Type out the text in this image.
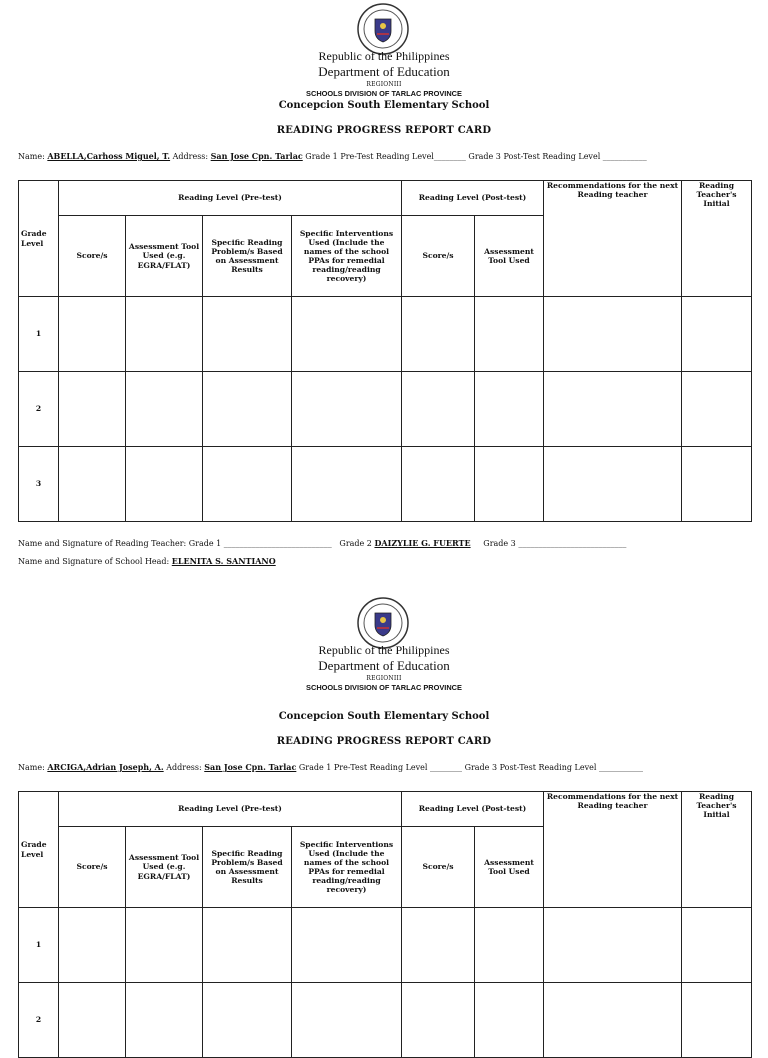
Republic of the Philippines
Department of Education
REGIONIII
SCHOOLS DIVISION OF TARLAC PROVINCE
Concepcion South Elementary School
READING PROGRESS REPORT CARD
Name: ABELLA,Carhoss Miguel, T. Address: San Jose Cpn. Tarlac Grade 1 Pre-Test Reading Level________ Grade 3 Post-Test Reading Level ___________
Grade Level	Reading Level (Pre-test)				Reading Level (Post-test)		Recommendations for the next Reading teacher	Reading Teacher's Initial
	Score/s	Assessment Tool Used (e.g. EGRA/FLAT)	Specific Reading Problem/s Based on Assessment Results	Specific Interventions Used (Include the names of the school PPAs for remedial reading/reading recovery)	Score/s	Assessment Tool Used		
1								
2								
3								
Name and Signature of Reading Teacher: Grade 1 ___________________________ Grade 2 DAIZYLIE G. FUERTE Grade 3 ___________________________
Name and Signature of School Head: ELENITA S. SANTIANO
Republic of the Philippines
Department of Education
REGIONIII
SCHOOLS DIVISION OF TARLAC PROVINCE
Concepcion South Elementary School
READING PROGRESS REPORT CARD
Name: ARCIGA,Adrian Joseph, A. Address: San Jose Cpn. Tarlac Grade 1 Pre-Test Reading Level ________ Grade 3 Post-Test Reading Level ___________
Grade Level	Reading Level (Pre-test)				Reading Level (Post-test)		Recommendations for the next Reading teacher	Reading Teacher's Initial
	Score/s	Assessment Tool Used (e.g. EGRA/FLAT)	Specific Reading Problem/s Based on Assessment Results	Specific Interventions Used (Include the names of the school PPAs for remedial reading/reading recovery)	Score/s	Assessment Tool Used		
1								
2								
